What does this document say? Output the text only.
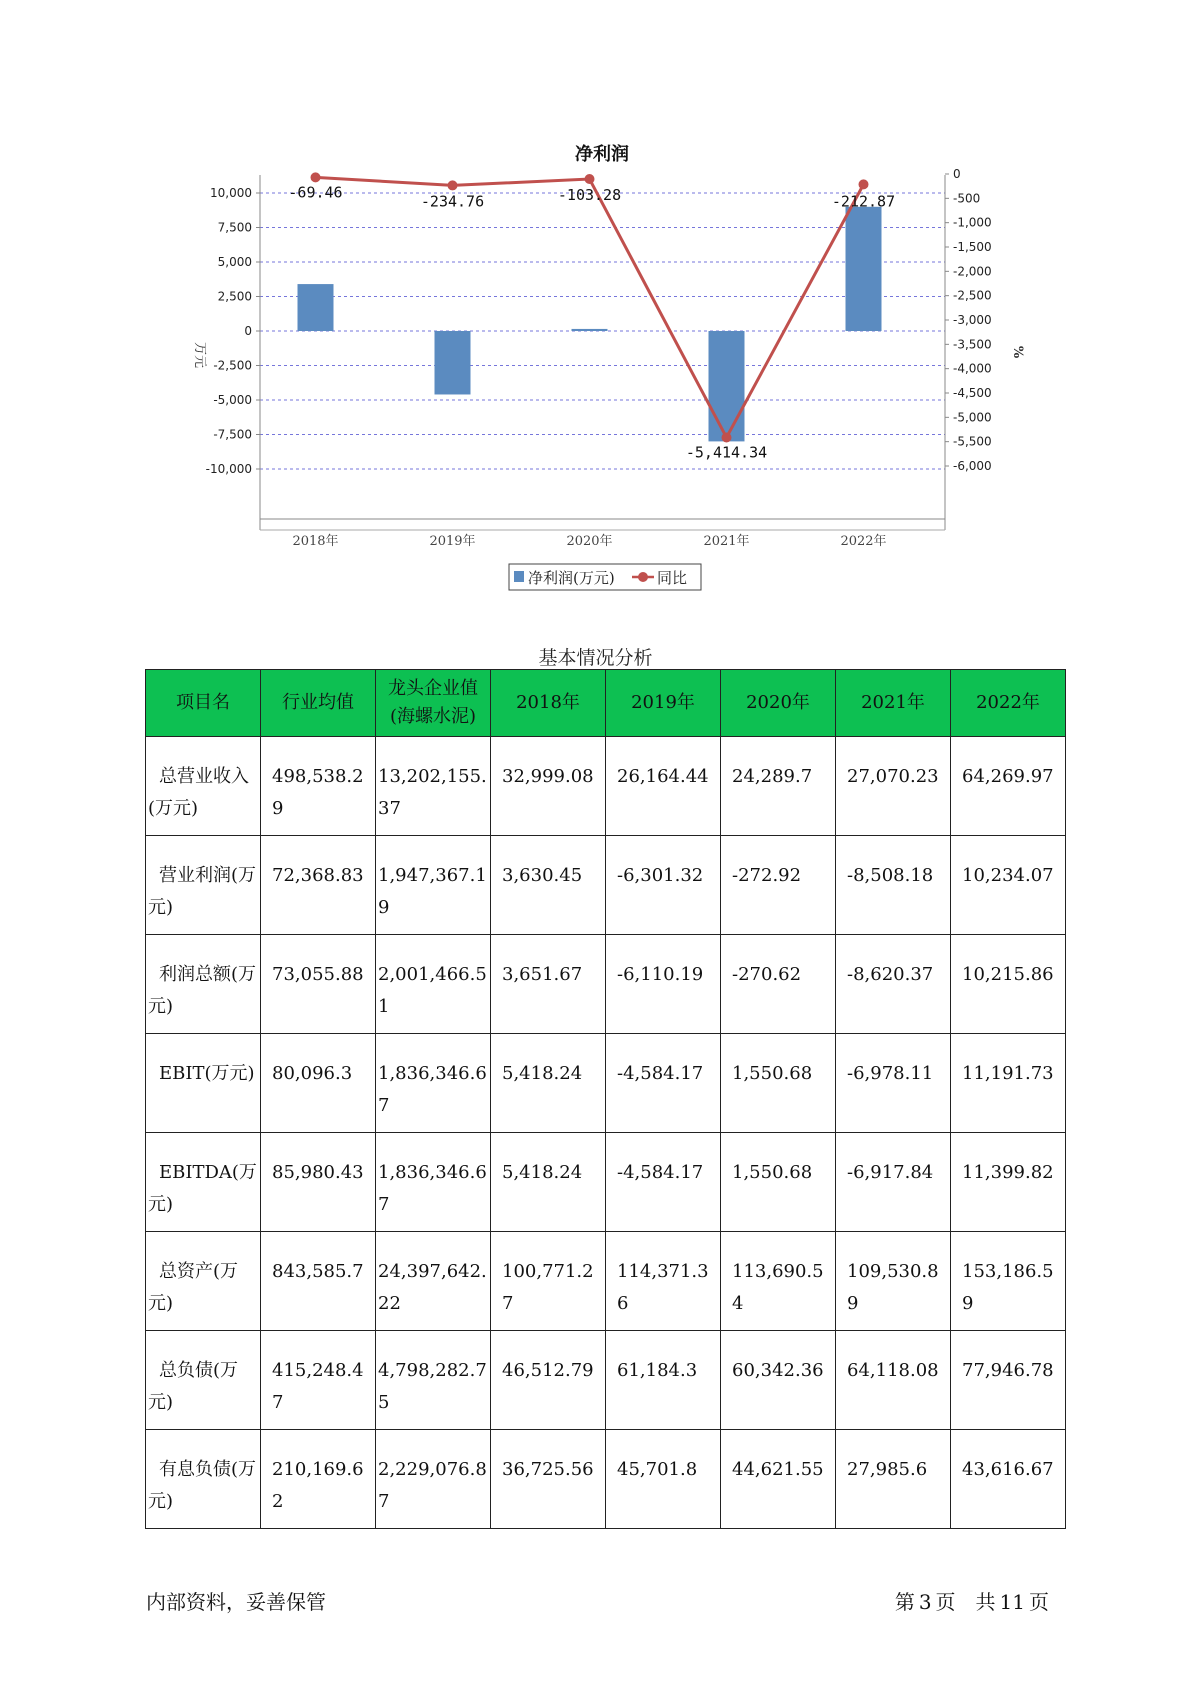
净利润
10,000
7,500
5,000
2,500
0
-2,500
-5,000
-7,500
-10,000
0
-500
-1,000
-1,500
-2,000
-2,500
-3,000
-3,500
-4,000
-4,500
-5,000
-5,500
-6,000
万元	%
-69.46
-234.76	-103.28
-5,414.34
-212.87
2018年	2019年	2020年	2021年	2022年
净利润(万元)	同比
基本情况分析
项目名	行业均值	龙头企业值(海螺水泥)	2018年	2019年	2020年	2021年	2022年

总营业收入(万元)	498,538.29	13,202,155.37	32,999.08	26,164.44	24,289.7	27,070.23	64,269.97

营业利润(万元)	72,368.83	1,947,367.19	3,630.45	-6,301.32	-272.92	-8,508.18	10,234.07

利润总额(万元)	73,055.88	2,001,466.51	3,651.67	-6,110.19	-270.62	-8,620.37	10,215.86

EBIT(万元)	80,096.3	1,836,346.67	5,418.24	-4,584.17	1,550.68	-6,978.11	11,191.73

EBITDA(万元)	85,980.43	1,836,346.67	5,418.24	-4,584.17	1,550.68	-6,917.84	11,399.82

总资产(万元)	843,585.7	24,397,642.22	100,771.27	114,371.36	113,690.54	109,530.89	153,186.59

总负债(万元)	415,248.47	4,798,282.75	46,512.79	61,184.3	60,342.36	64,118.08	77,946.78

有息负债(万元)	210,169.62	2,229,076.87	36,725.56	45,701.8	44,621.55	27,985.6	43,616.67
内部资料，妥善保管	第 3 页　共 11 页
